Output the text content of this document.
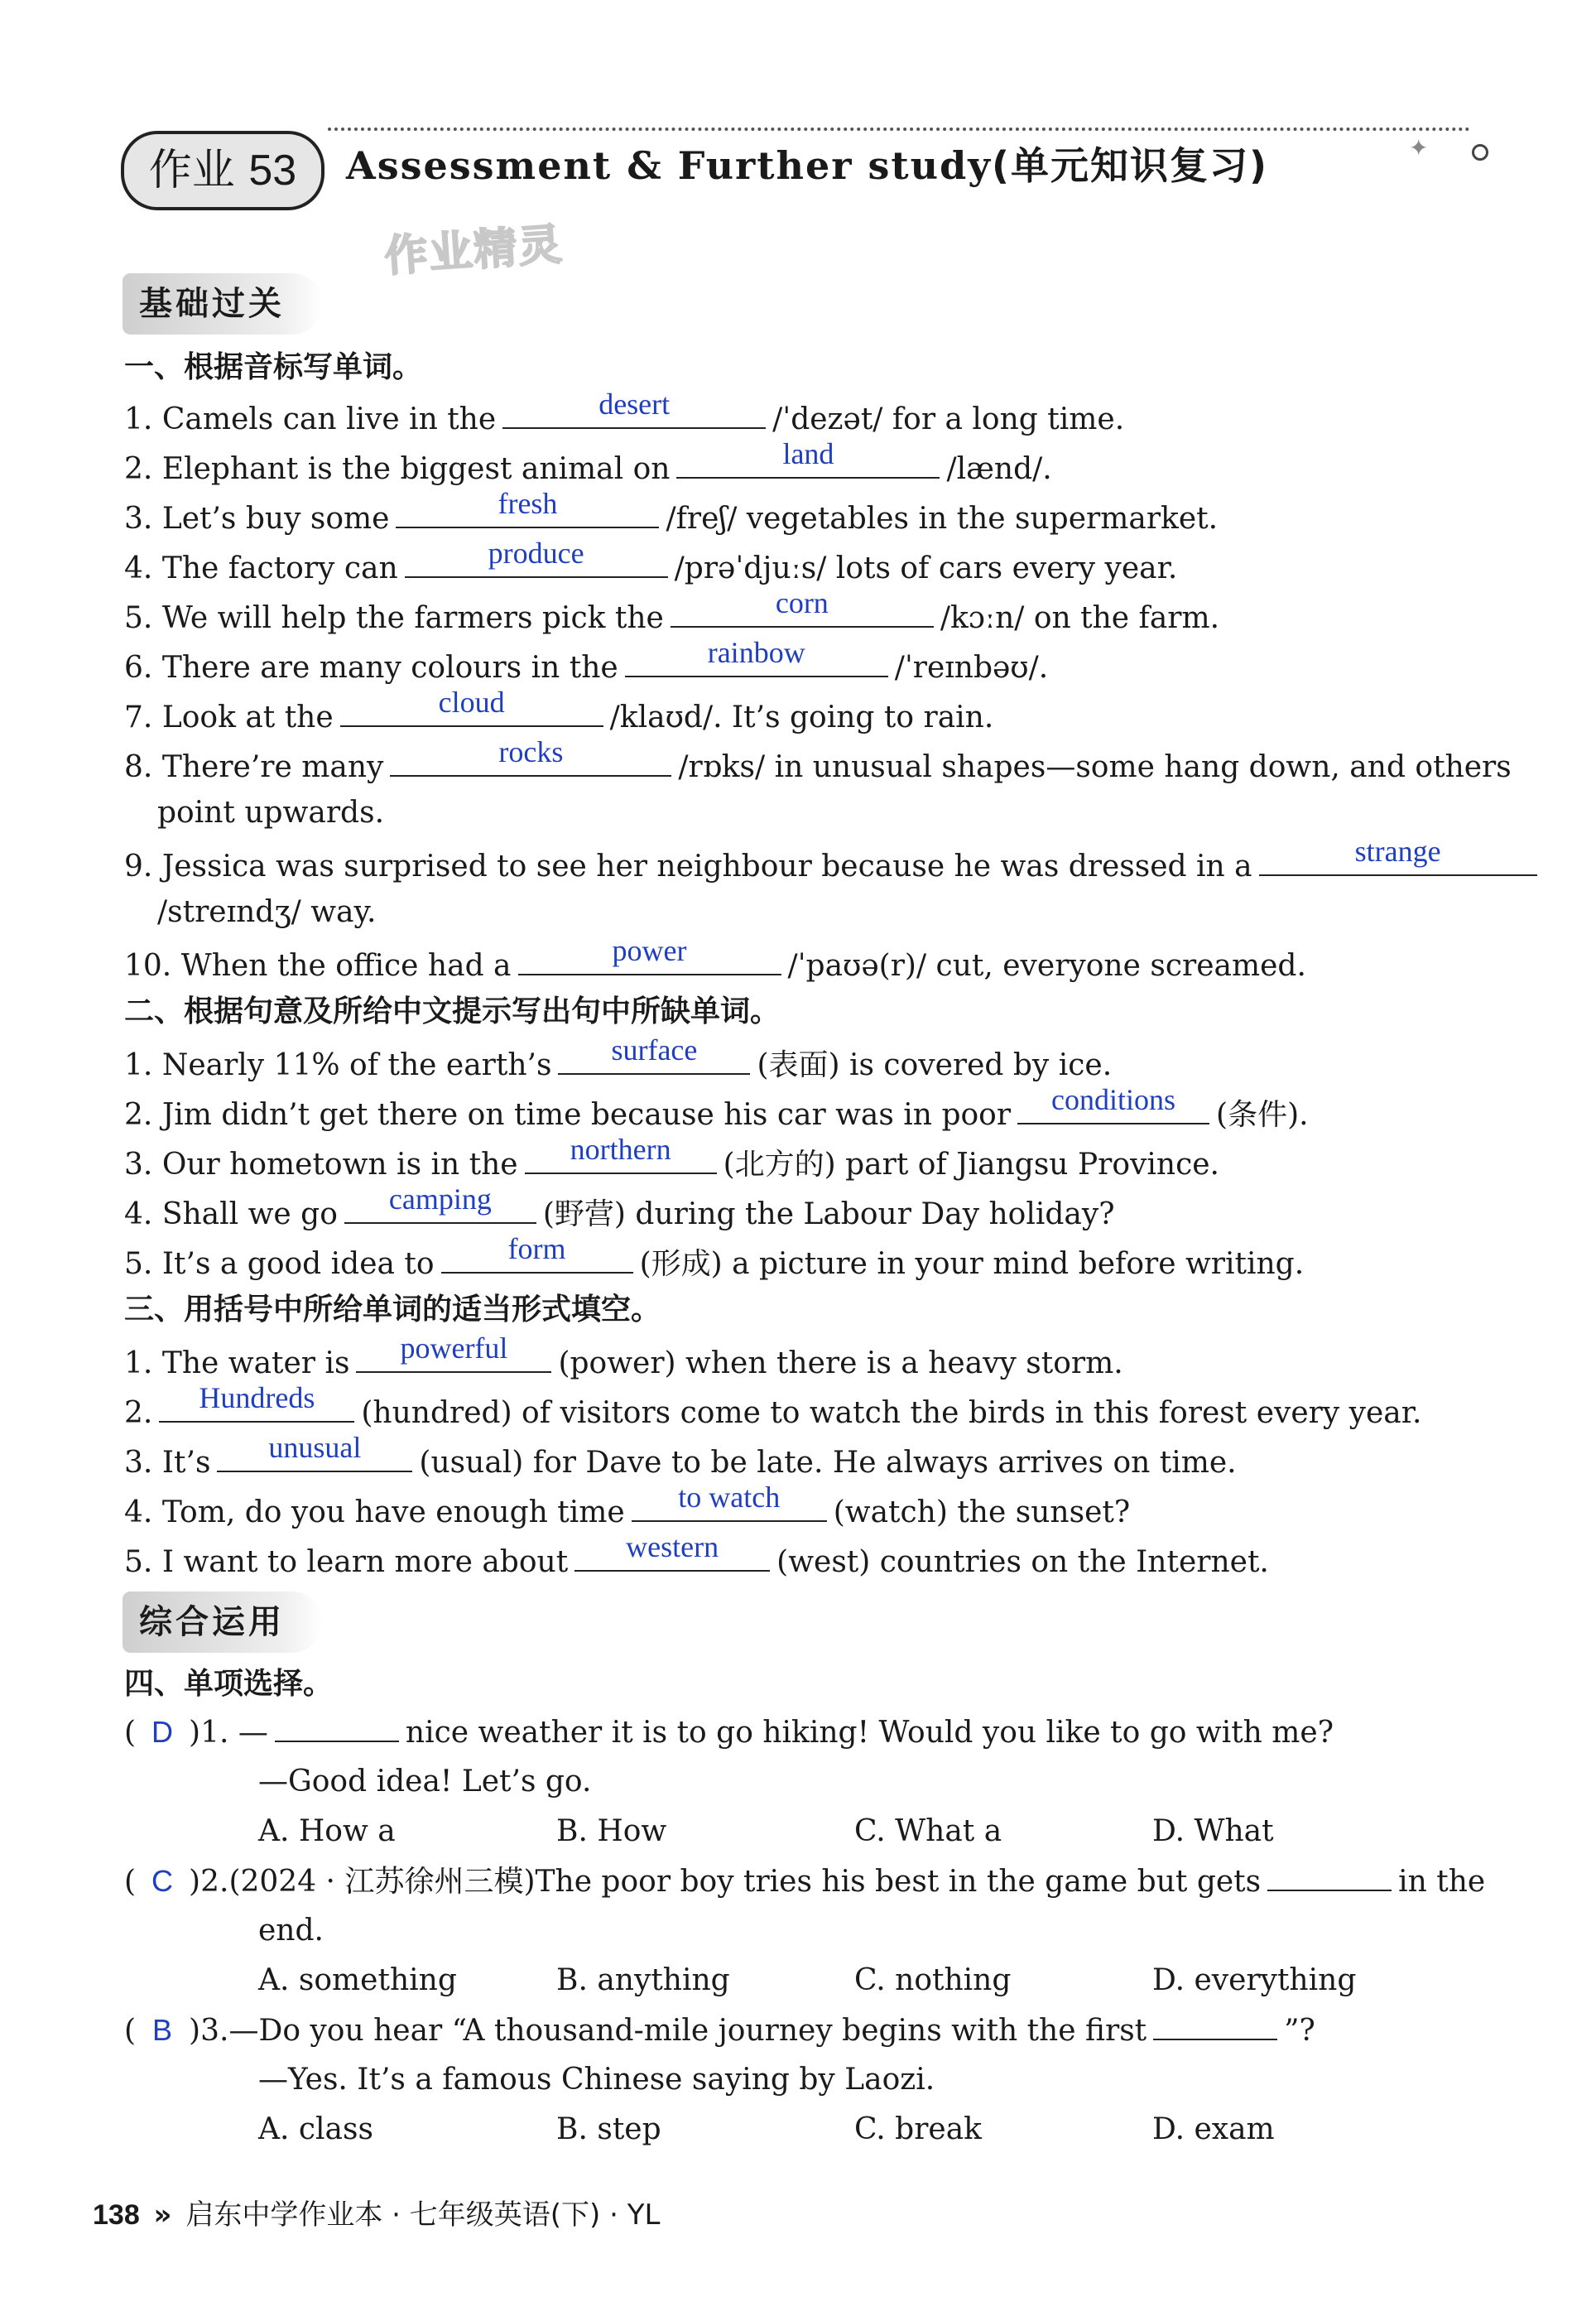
作业 53	✦
Assessment & Further study(单元知识复习)
作业精灵
基础过关
一、根据音标写单词。
1. Camels can live in the	desert	/ˈdezət/ for a long time.
2. Elephant is the biggest animal on	land	/lænd/.
3. Let’s buy some	fresh	/freʃ/ vegetables in the supermarket.
4. The factory can	produce	/prəˈdjuːs/ lots of cars every year.
5. We will help the farmers pick the	corn	/kɔːn/ on the farm.
6. There are many colours in the	rainbow	/ˈreɪnbəʊ/.
7. Look at the	cloud	/klaʊd/. It’s going to rain.
8. There’re many	rocks	/rɒks/ in unusual shapes—some hang down, and others
point upwards.
9. Jessica was surprised to see her neighbour because he was dressed in a	strange
/streɪndʒ/ way.
10. When the office had a	power	/ˈpaʊə(r)/ cut, everyone screamed.
二、根据句意及所给中文提示写出句中所缺单词。
1. Nearly 11% of the earth’s	surface	(表面) is covered by ice.
2. Jim didn’t get there on time because his car was in poor	conditions	(条件).
3. Our hometown is in the	northern	(北方的) part of Jiangsu Province.
4. Shall we go	camping	(野营) during the Labour Day holiday?
5. It’s a good idea to	form	(形成) a picture in your mind before writing.
三、用括号中所给单词的适当形式填空。
1. The water is	powerful	(power) when there is a heavy storm.
2.	Hundreds	(hundred) of visitors come to watch the birds in this forest every year.
3. It’s	unusual	(usual) for Dave to be late. He always arrives on time.
4. Tom, do you have enough time	to watch	(watch) the sunset?
5. I want to learn more about	western	(west) countries on the Internet.
综合运用
四、单项选择。
( D )1. —	nice weather it is to go hiking! Would you like to go with me?
—Good idea! Let’s go.
A. How a	B. How	C. What a	D. What
( C )2.(2024 · 江苏徐州三模)The poor boy tries his best in the game but gets	in the
end.
A. something	B. anything	C. nothing	D. everything
( B )3.—Do you hear “A thousand-mile journey begins with the first	”?
—Yes. It’s a famous Chinese saying by Laozi.
A. class	B. step	C. break	D. exam
138 » 启东中学作业本 · 七年级英语(下) · YL
